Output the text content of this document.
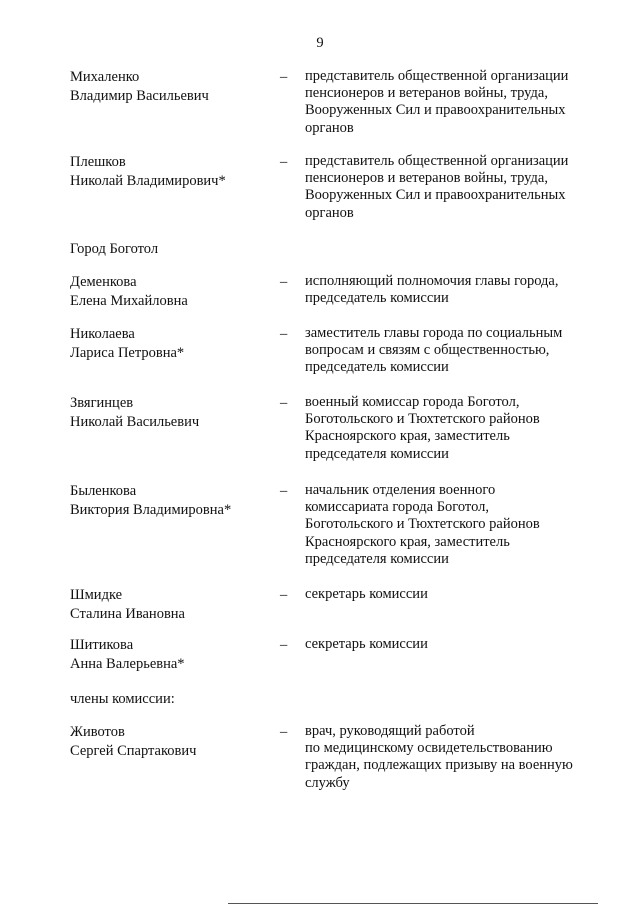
9
Михаленко
Владимир Васильевич
– представитель общественной организации
пенсионеров и ветеранов войны, труда,
Вооруженных Сил и правоохранительных
органов
Плешков
Николай Владимирович*
– представитель общественной организации
пенсионеров и ветеранов войны, труда,
Вооруженных Сил и правоохранительных
органов
Город Боготол
Деменкова
Елена Михайловна
– исполняющий полномочия главы города,
председатель комиссии
Николаева
Лариса Петровна*
– заместитель главы города по социальным
вопросам и связям с общественностью,
председатель комиссии
Звягинцев
Николай Васильевич
– военный комиссар города Боготол,
Боготольского и Тюхтетского районов
Красноярского края, заместитель
председателя комиссии
Быленкова
Виктория Владимировна*
– начальник отделения военного
комиссариата города Боготол,
Боготольского и Тюхтетского районов
Красноярского края, заместитель
председателя комиссии
Шмидке
Сталина Ивановна
– секретарь комиссии
Шитикова
Анна Валерьевна*
– секретарь комиссии
члены комиссии:
Животов
Сергей Спартакович
– врач, руководящий работой
по медицинскому освидетельствованию
граждан, подлежащих призыву на военную
службу
